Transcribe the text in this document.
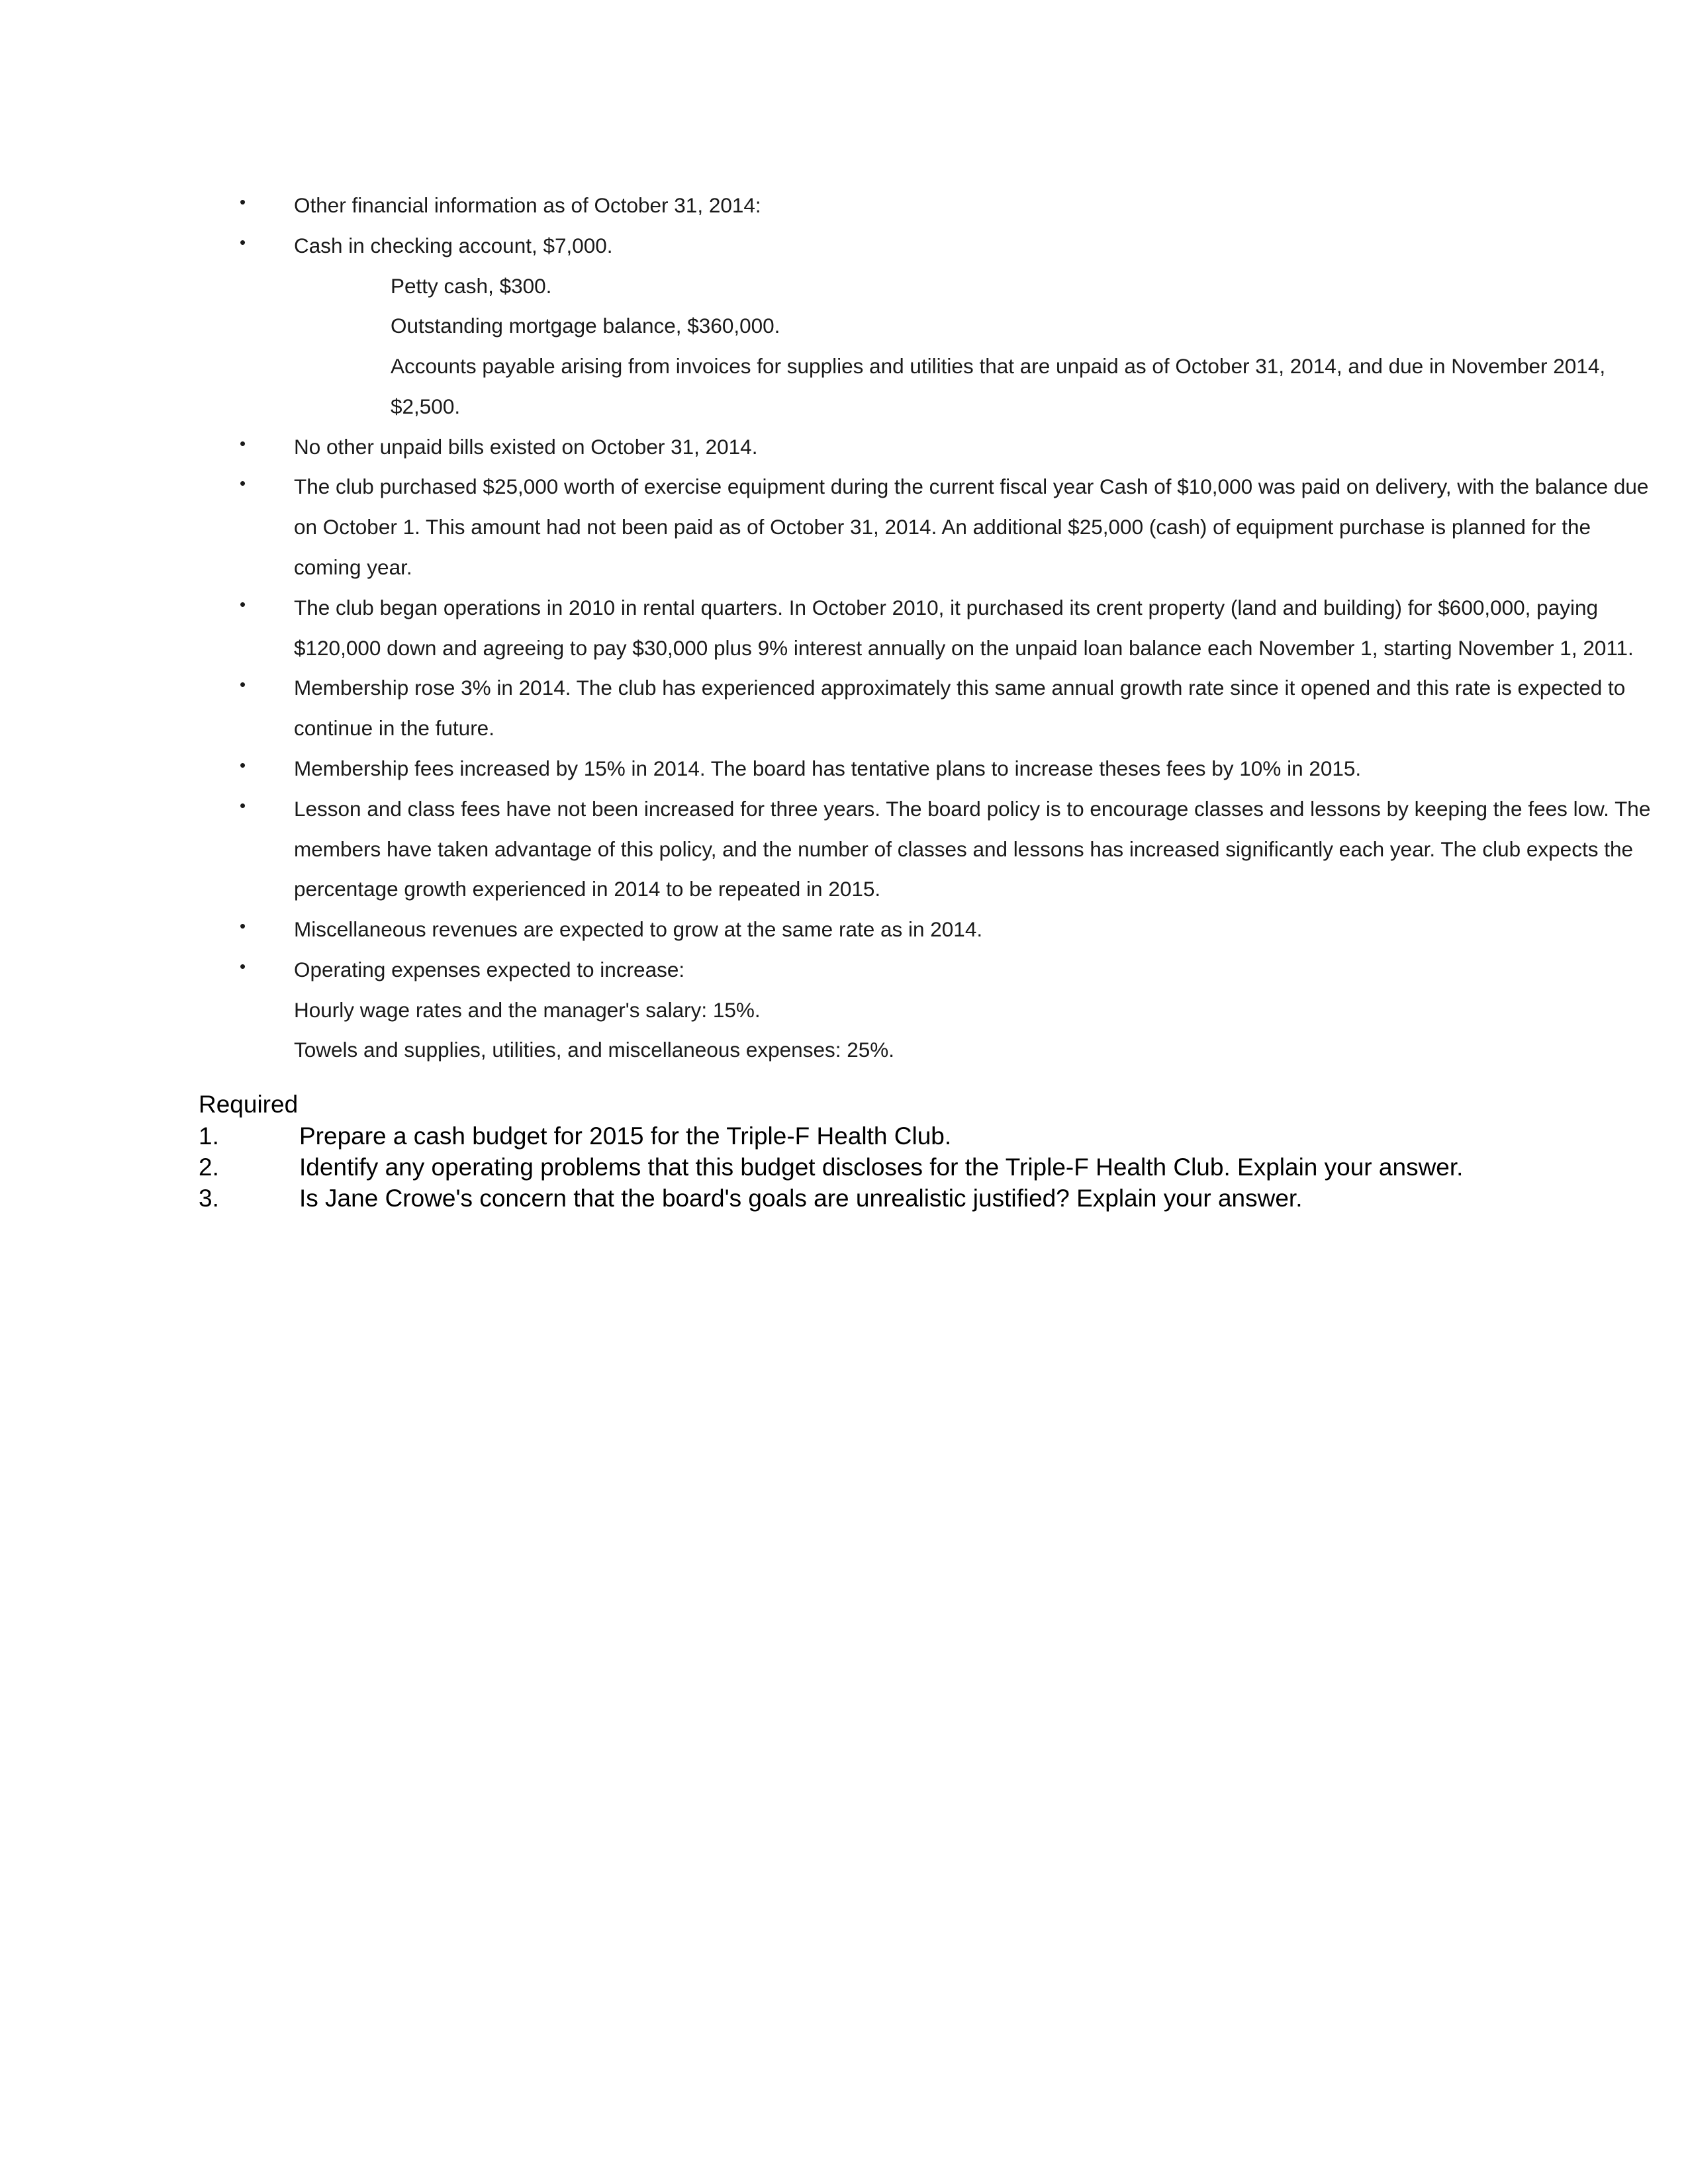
• Other financial information as of October 31, 2014:
• Cash in checking account, $7,000.
Petty cash, $300.
Outstanding mortgage balance, $360,000.
Accounts payable arising from invoices for supplies and utilities that are unpaid as of October 31, 2014, and due in November 2014, $2,500.
• No other unpaid bills existed on October 31, 2014.
• The club purchased $25,000 worth of exercise equipment during the current fiscal year Cash of $10,000 was paid on delivery, with the balance due on October 1. This amount had not been paid as of October 31, 2014. An additional $25,000 (cash) of equipment purchase is planned for the coming year.
• The club began operations in 2010 in rental quarters. In October 2010, it purchased its crent property (land and building) for $600,000, paying $120,000 down and agreeing to pay $30,000 plus 9% interest annually on the unpaid loan balance each November 1, starting November 1, 2011.
• Membership rose 3% in 2014. The club has experienced approximately this same annual growth rate since it opened and this rate is expected to continue in the future.
• Membership fees increased by 15% in 2014. The board has tentative plans to increase theses fees by 10% in 2015.
• Lesson and class fees have not been increased for three years. The board policy is to encourage classes and lessons by keeping the fees low. The members have taken advantage of this policy, and the number of classes and lessons has increased significantly each year. The club expects the percentage growth experienced in 2014 to be repeated in 2015.
• Miscellaneous revenues are expected to grow at the same rate as in 2014.
• Operating expenses expected to increase:
Hourly wage rates and the manager's salary: 15%.
Towels and supplies, utilities, and miscellaneous expenses: 25%.
Required
1.	Prepare a cash budget for 2015 for the Triple-F Health Club.
2.	Identify any operating problems that this budget discloses for the Triple-F Health Club. Explain your answer.
3.	Is Jane Crowe's concern that the board's goals are unrealistic justified? Explain your answer.
